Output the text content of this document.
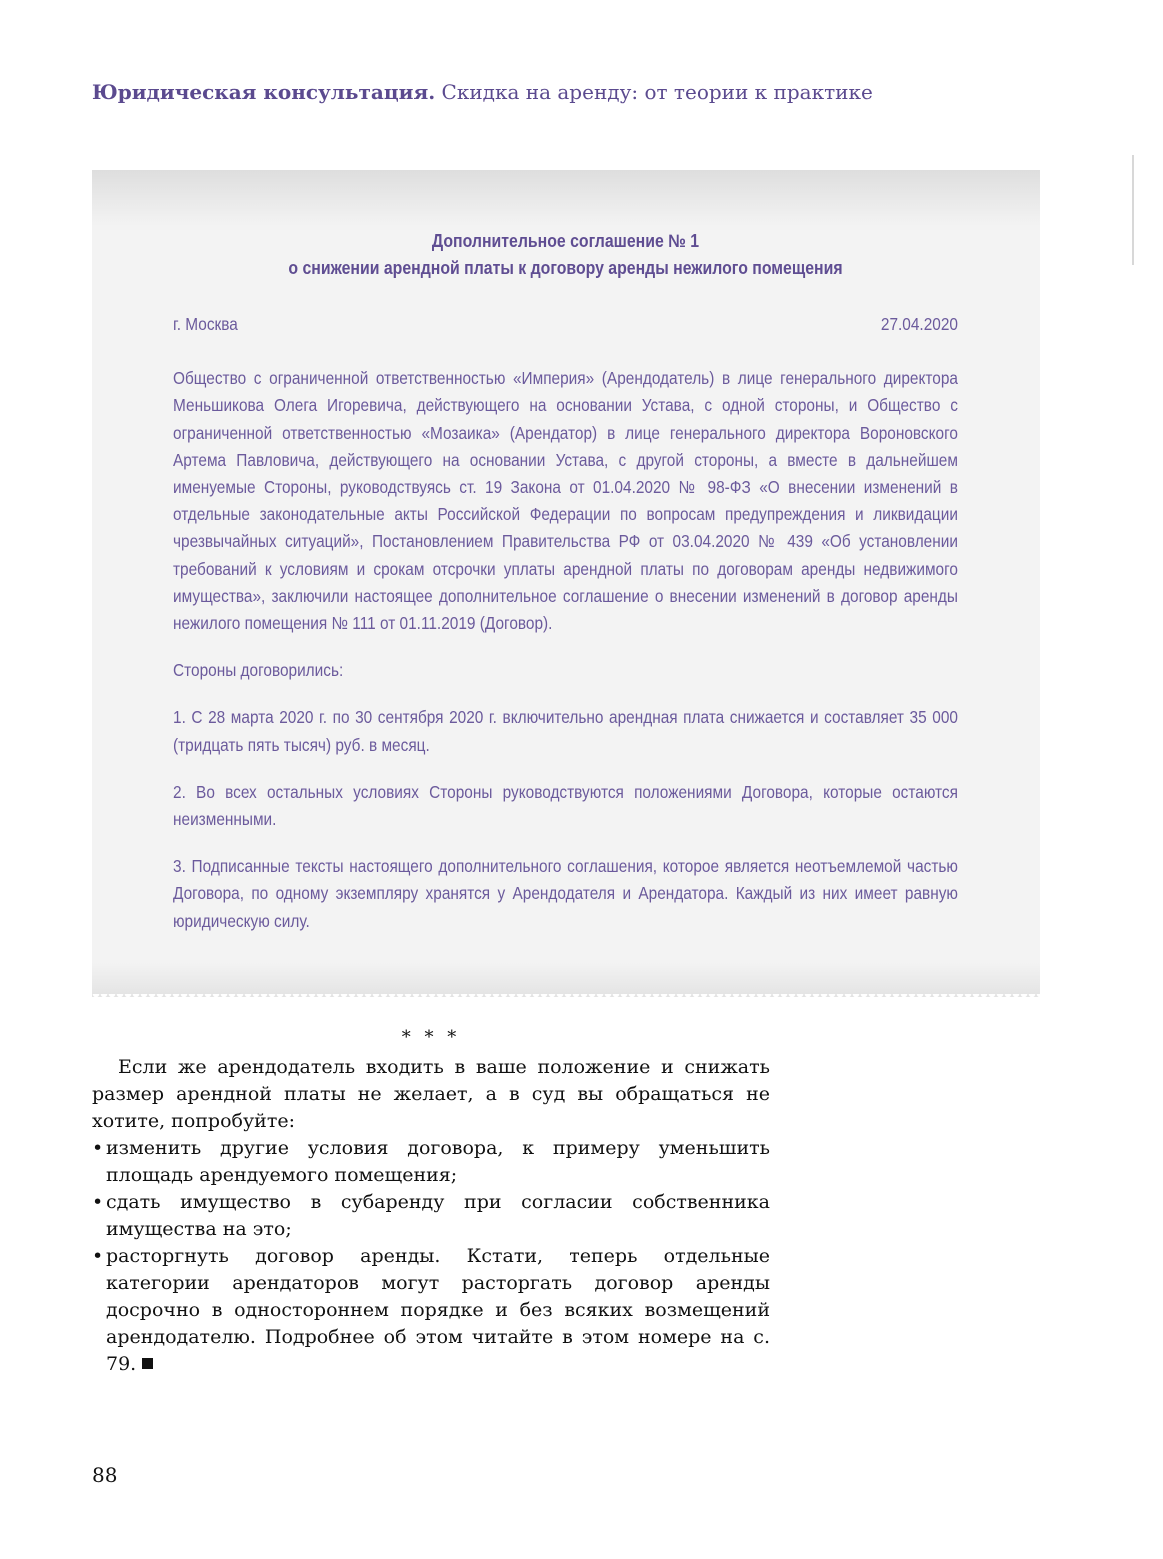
Юридическая консультация. Скидка на аренду: от теории к практике
Дополнительное соглашение № 1
о снижении арендной платы к договору аренды нежилого помещения
г. Москва	27.04.2020

Общество с ограниченной ответственностью «Империя» (Арендодатель) в лице генерального директора Меньшикова Олега Игоревича, действующего на основании Устава, с одной стороны, и Общество с ограниченной ответственностью «Мозаика» (Арендатор) в лице генерального директора Вороновского Артема Павловича, действующего на основании Устава, с другой стороны, а вместе в дальнейшем именуемые Стороны, руководствуясь ст. 19 Закона от 01.04.2020 № 98-ФЗ «О внесении изменений в отдельные законодательные акты Российской Федерации по вопросам предупреждения и ликвидации чрезвычайных ситуаций», Постановлением Правительства РФ от 03.04.2020 № 439 «Об установлении требований к условиям и срокам отсрочки уплаты арендной платы по договорам аренды недвижимого имущества», заключили настоящее дополнительное соглашение о внесении изменений в договор аренды нежилого помещения № 111 от 01.11.2019 (Договор).

Стороны договорились:

1. С 28 марта 2020 г. по 30 сентября 2020 г. включительно арендная плата снижается и составляет 35 000 (тридцать пять тысяч) руб. в месяц.

2. Во всех остальных условиях Стороны руководствуются положениями Договора, которые остаются неизменными.

3. Подписанные тексты настоящего дополнительного соглашения, которое является неотъемлемой частью Договора, по одному экземпляру хранятся у Арендодателя и Арендатора. Каждый из них имеет равную юридическую силу.

* * *

Если же арендодатель входить в ваше положение и снижать размер арендной платы не желает, а в суд вы обращаться не хотите, попробуйте:

• изменить другие условия договора, к примеру уменьшить площадь арендуемого помещения;
• сдать имущество в субаренду при согласии собственника имущества на это;
• расторгнуть договор аренды. Кстати, теперь отдельные категории арендаторов могут расторгать договор аренды досрочно в одностороннем порядке и без всяких возмещений арендодателю. Подробнее об этом читайте в этом номере на с. 79.
88
